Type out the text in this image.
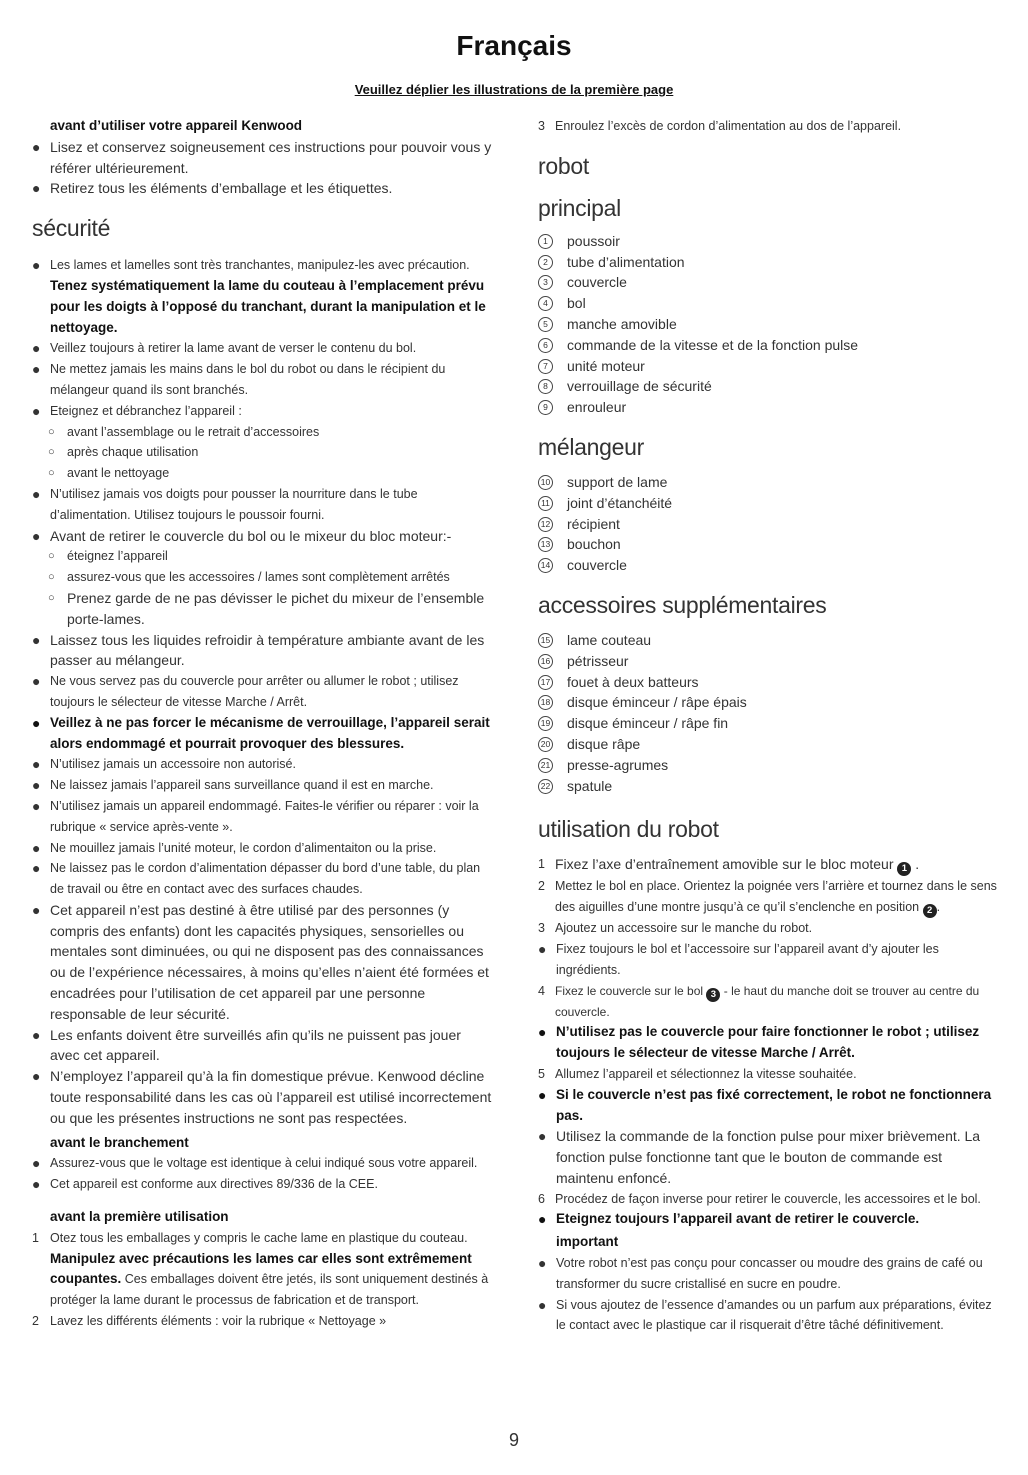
Français

Veuillez déplier les illustrations de la première page

avant d’utiliser votre appareil Kenwood
● Lisez et conservez soigneusement ces instructions pour pouvoir vous y référer ultérieurement.
● Retirez tous les éléments d’emballage et les étiquettes.
sécurité
● Les lames et lamelles sont très tranchantes, manipulez-les avec précaution. Tenez systématiquement la lame du couteau à l’emplacement prévu pour les doigts à l’opposé du tranchant, durant la manipulation et le nettoyage.
● Veillez toujours à retirer la lame avant de verser le contenu du bol.
● Ne mettez jamais les mains dans le bol du robot ou dans le récipient du mélangeur quand ils sont branchés.
● Eteignez et débranchez l’appareil :
○ avant l’assemblage ou le retrait d’accessoires
○ après chaque utilisation
○ avant le nettoyage
● N’utilisez jamais vos doigts pour pousser la nourriture dans le tube d’alimentation. Utilisez toujours le poussoir fourni.
● Avant de retirer le couvercle du bol ou le mixeur du bloc moteur:-
○ éteignez l’appareil
○ assurez-vous que les accessoires / lames sont complètement arrêtés
○ Prenez garde de ne pas dévisser le pichet du mixeur de l’ensemble porte-lames.
● Laissez tous les liquides refroidir à température ambiante avant de les passer au mélangeur.
● Ne vous servez pas du couvercle pour arrêter ou allumer le robot ; utilisez toujours le sélecteur de vitesse Marche / Arrêt.
● Veillez à ne pas forcer le mécanisme de verrouillage, l’appareil serait alors endommagé et pourrait provoquer des blessures.
● N’utilisez jamais un accessoire non autorisé.
● Ne laissez jamais l’appareil sans surveillance quand il est en marche.
● N’utilisez jamais un appareil endommagé. Faites-le vérifier ou réparer : voir la rubrique « service après-vente ».
● Ne mouillez jamais l’unité moteur, le cordon d’alimentaiton ou la prise.
● Ne laissez pas le cordon d’alimentation dépasser du bord d’une table, du plan de travail ou être en contact avec des surfaces chaudes.
● Cet appareil n’est pas destiné à être utilisé par des personnes (y compris des enfants) dont les capacités physiques, sensorielles ou mentales sont diminuées, ou qui ne disposent pas des connaissances ou de l’expérience nécessaires, à moins qu’elles n’aient été formées et encadrées pour l’utilisation de cet appareil par une personne responsable de leur sécurité.
● Les enfants doivent être surveillés afin qu’ils ne puissent pas jouer avec cet appareil.
● N’employez l’appareil qu’à la fin domestique prévue. Kenwood décline toute responsabilité dans les cas où l’appareil est utilisé incorrectement ou que les présentes instructions ne sont pas respectées.
avant le branchement
● Assurez-vous que le voltage est identique à celui indiqué sous votre appareil.
● Cet appareil est conforme aux directives 89/336 de la CEE.
avant la première utilisation
1 Otez tous les emballages y compris le cache lame en plastique du couteau. Manipulez avec précautions les lames car elles sont extrêmement coupantes. Ces emballages doivent être jetés, ils sont uniquement destinés à protéger la lame durant le processus de fabrication et de transport.
2 Lavez les différents éléments : voir la rubrique « Nettoyage »
3 Enroulez l’excès de cordon d’alimentation au dos de l’appareil.
robot
principal
1	poussoir
2	tube d’alimentation
3	couvercle
4	bol
5	manche amovible
6	commande de la vitesse et de la fonction pulse
7	unité moteur
8	verrouillage de sécurité
9	enrouleur
mélangeur
10 support de lame
11 joint d’étanchéité
12 récipient
13 bouchon
14 couvercle
accessoires supplémentaires
15 lame couteau
16 pétrisseur
17 fouet à deux batteurs
18 disque éminceur / râpe épais
19 disque éminceur / râpe fin
20 disque râpe
21 presse-agrumes
22 spatule
utilisation du robot
1 Fixez l’axe d’entraînement amovible sur le bloc moteur 1 .
2 Mettez le bol en place. Orientez la poignée vers l’arrière et tournez dans le sens des aiguilles d’une montre jusqu’à ce qu’il s’enclenche en position 2 .
3 Ajoutez un accessoire sur le manche du robot.
● Fixez toujours le bol et l’accessoire sur l’appareil avant d’y ajouter les ingrédients.
4 Fixez le couvercle sur le bol 3 - le haut du manche doit se trouver au centre du couvercle.
● N’utilisez pas le couvercle pour faire fonctionner le robot ; utilisez toujours le sélecteur de vitesse Marche / Arrêt.
5 Allumez l’appareil et sélectionnez la vitesse souhaitée.
● Si le couvercle n’est pas fixé correctement, le robot ne fonctionnera pas.
● Utilisez la commande de la fonction pulse pour mixer brièvement. La fonction pulse fonctionne tant que le bouton de commande est maintenu enfoncé.
6 Procédez de façon inverse pour retirer le couvercle, les accessoires et le bol.
● Eteignez toujours l’appareil avant de retirer le couvercle.
important
● Votre robot n’est pas conçu pour concasser ou moudre des grains de café ou transformer du sucre cristallisé en sucre en poudre.
● Si vous ajoutez de l’essence d’amandes ou un parfum aux préparations, évitez le contact avec le plastique car il risquerait d’être tâché définitivement.
9
